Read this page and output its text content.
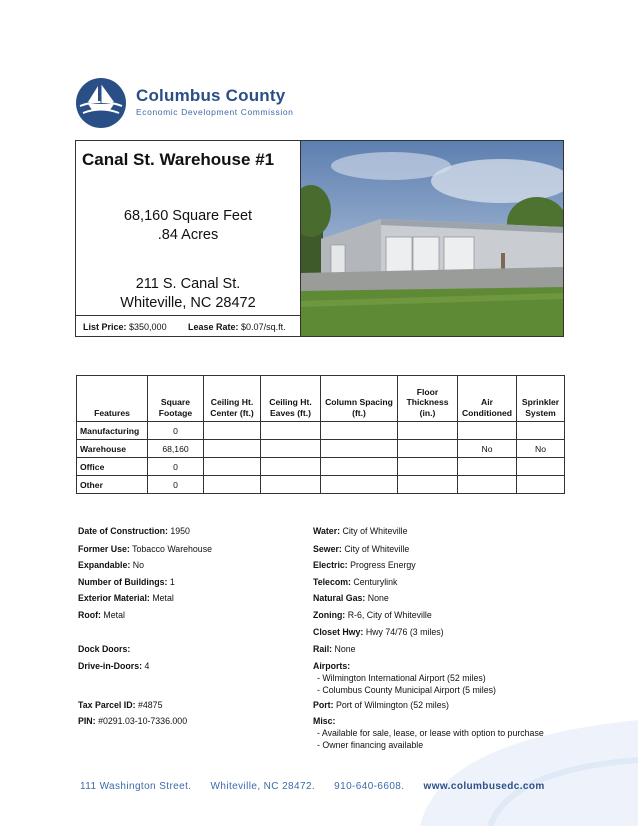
Columbus County
Economic Development Commission
Canal St. Warehouse #1
68,160 Square Feet
.84 Acres
211 S. Canal St.
Whiteville, NC 28472
List Price: $350,000 Lease Rate: $0.07/sq.ft.
Features	Square Footage	Ceiling Ht. Center (ft.)	Ceiling Ht. Eaves (ft.)	Column Spacing (ft.)	Floor Thickness (in.)	Air Conditioned	Sprinkler System
Manufacturing	0						
Warehouse	68,160					No	No
Office	0						
Other	0						
Date of Construction: 1950
Former Use: Tobacco Warehouse
Expandable: No
Number of Buildings: 1
Exterior Material: Metal
Roof: Metal
Dock Doors:
Drive-in-Doors: 4
Tax Parcel ID: #4875
PIN: #0291.03-10-7336.000
Water: City of Whiteville
Sewer: City of Whiteville
Electric: Progress Energy
Telecom: Centurylink
Natural Gas: None
Zoning: R-6, City of Whiteville
Closet Hwy: Hwy 74/76 (3 miles)
Rail: None
Airports:
- Wilmington International Airport (52 miles)
- Columbus County Municipal Airport (5 miles)
Port: Port of Wilmington (52 miles)
Misc:
- Available for sale, lease, or lease with option to purchase
- Owner financing available
111 Washington Street. Whiteville, NC 28472. 910-640-6608. www.columbusedc.com
